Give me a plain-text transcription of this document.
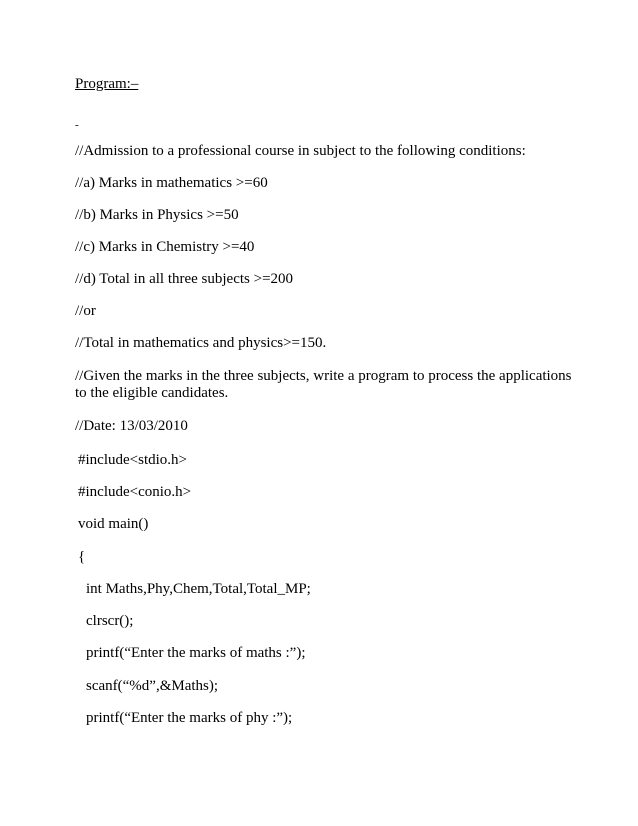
Program:–

-

//Admission to a professional course in subject to the following conditions:

//a) Marks in mathematics >=60

//b) Marks in Physics >=50

//c) Marks in Chemistry >=40

//d) Total in all three subjects >=200

//or

//Total in mathematics and physics>=150.

//Given the marks in the three subjects, write a program to process the applications

to the eligible candidates.

//Date: 13/03/2010

#include<stdio.h>

#include<conio.h>

void main()

{

int Maths,Phy,Chem,Total,Total_MP;

clrscr();

printf(“Enter the marks of maths :”);

scanf(“%d”,&Maths);

printf(“Enter the marks of phy :”);
